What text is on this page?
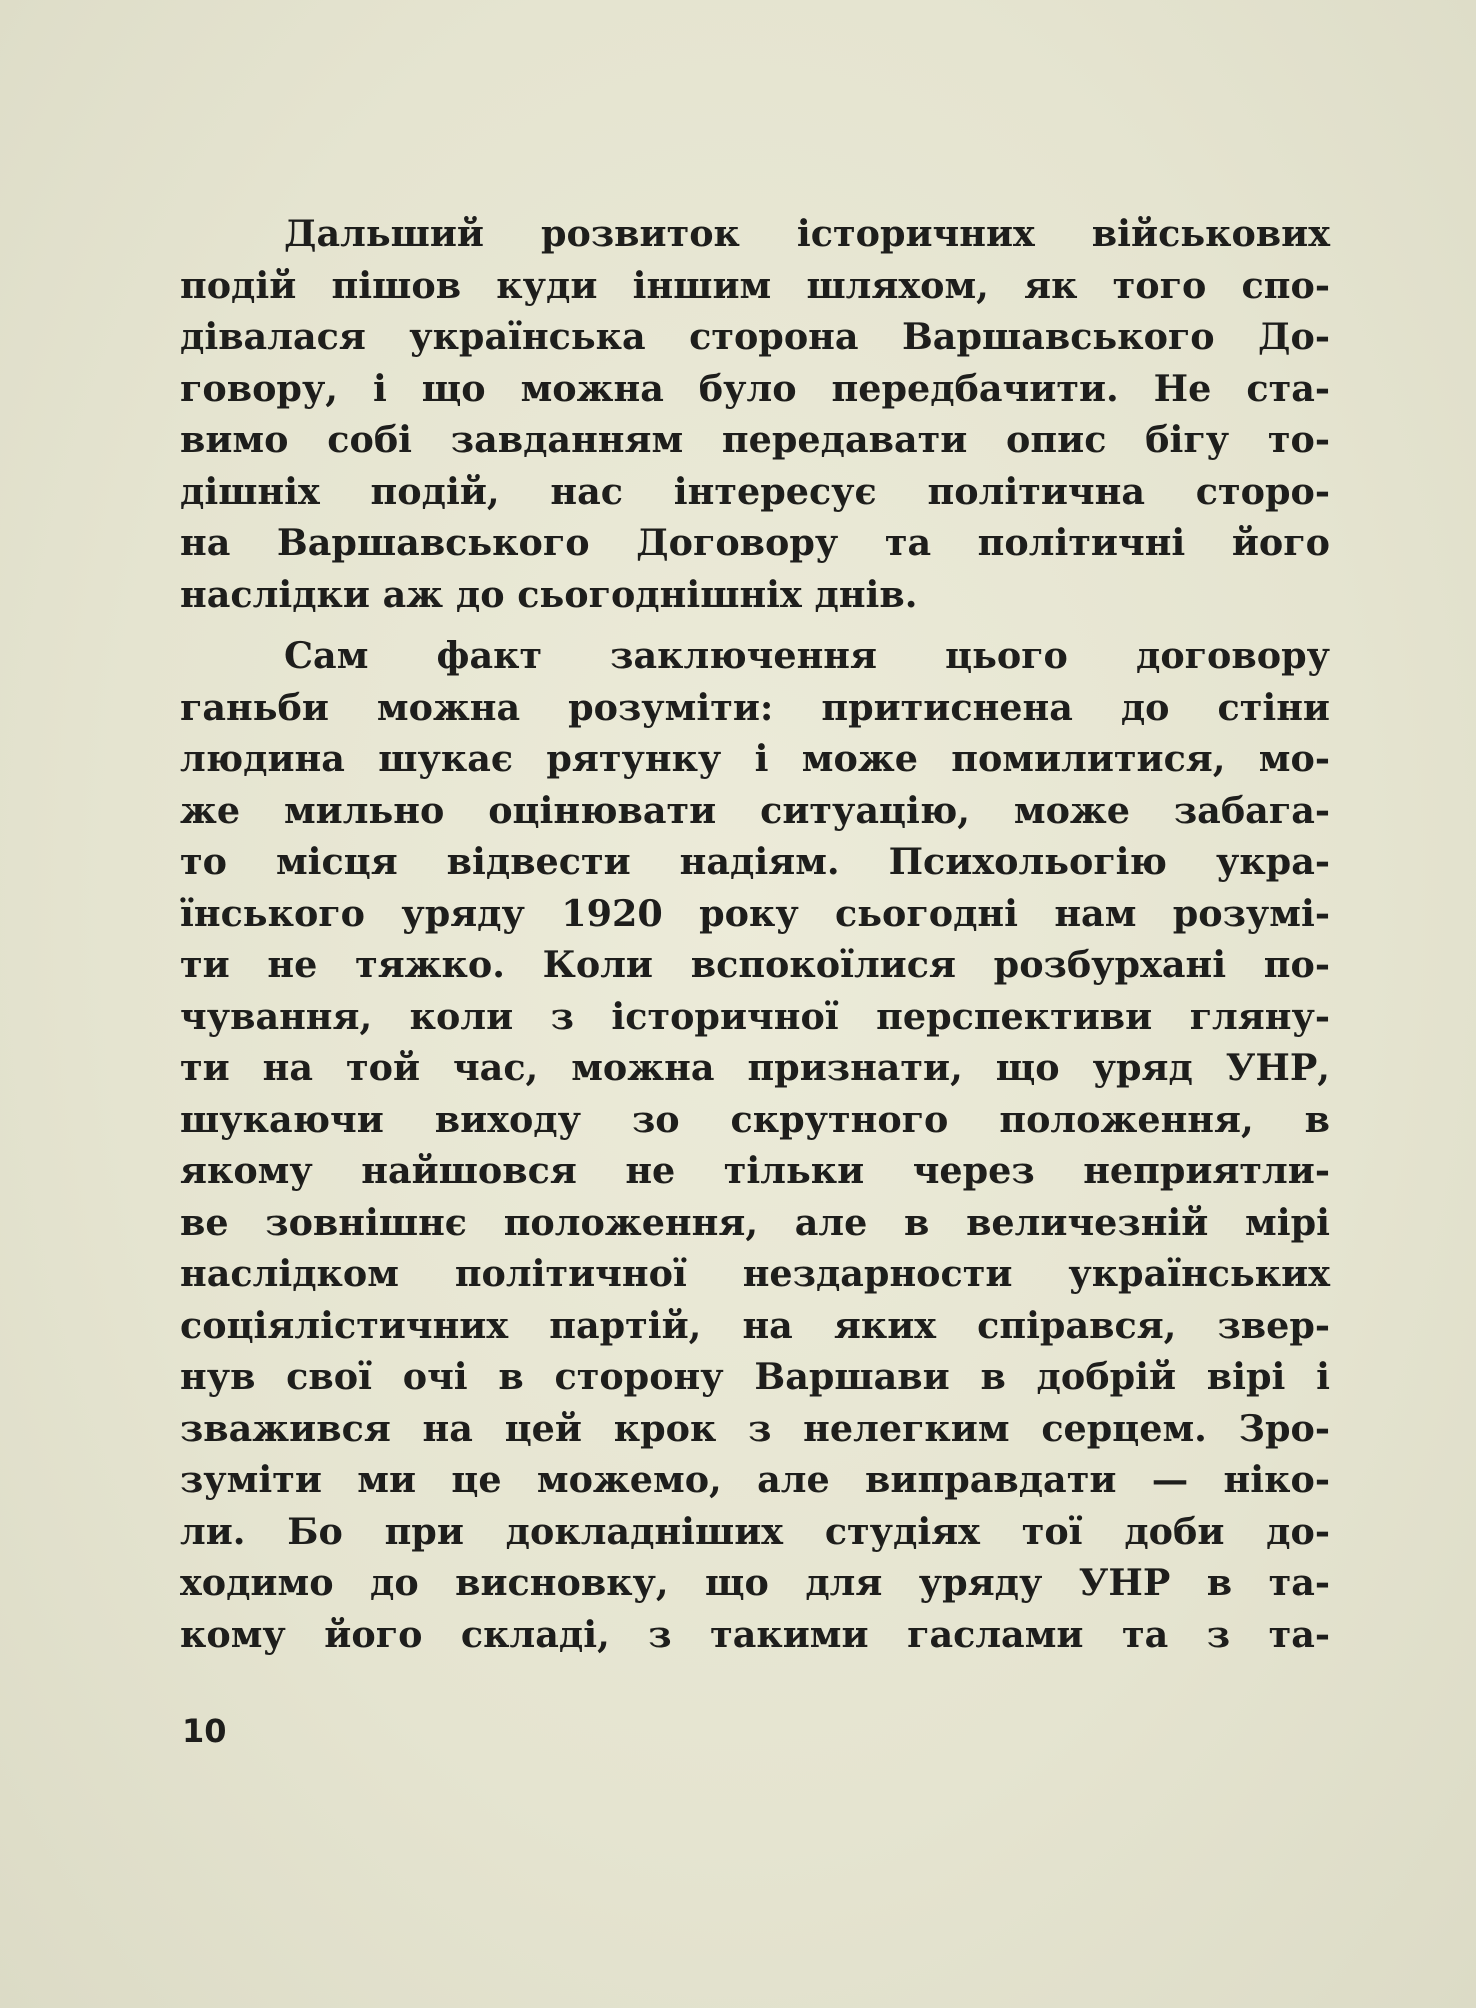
Дальший розвиток історичних військових
подій пішов куди іншим шляхом, як того спо-
дівалася українська сторона Варшавського До-
говору, і що можна було передбачити. Не ста-
вимо собі завданням передавати опис бігу то-
дішніх подій, нас інтересує політична сторо-
на Варшавського Договору та політичні його
наслідки аж до сьогоднішніх днів.
Сам факт заключення цього договору
ганьби можна розуміти: притиснена до стіни
людина шукає рятунку і може помилитися, мо-
же мильно оцінювати ситуацію, може забага-
то місця відвести надіям. Психольогію укра-
їнського уряду 1920 року сьогодні нам розумі-
ти не тяжко. Коли вспокоїлися розбурхані по-
чування, коли з історичної перспективи гляну-
ти на той час, можна признати, що уряд УНР,
шукаючи виходу зо скрутного положення, в
якому найшовся не тільки через неприятли-
ве зовнішнє положення, але в величезній мірі
наслідком політичної нездарности українських
соціялістичних партій, на яких спірався, звер-
нув свої очі в сторону Варшави в добрій вірі і
зважився на цей крок з нелегким серцем. Зро-
зуміти ми це можемо, але виправдати — ніко-
ли. Бо при докладніших студіях тої доби до-
ходимо до висновку, що для уряду УНР в та-
кому його складі, з такими гаслами та з та-
10
